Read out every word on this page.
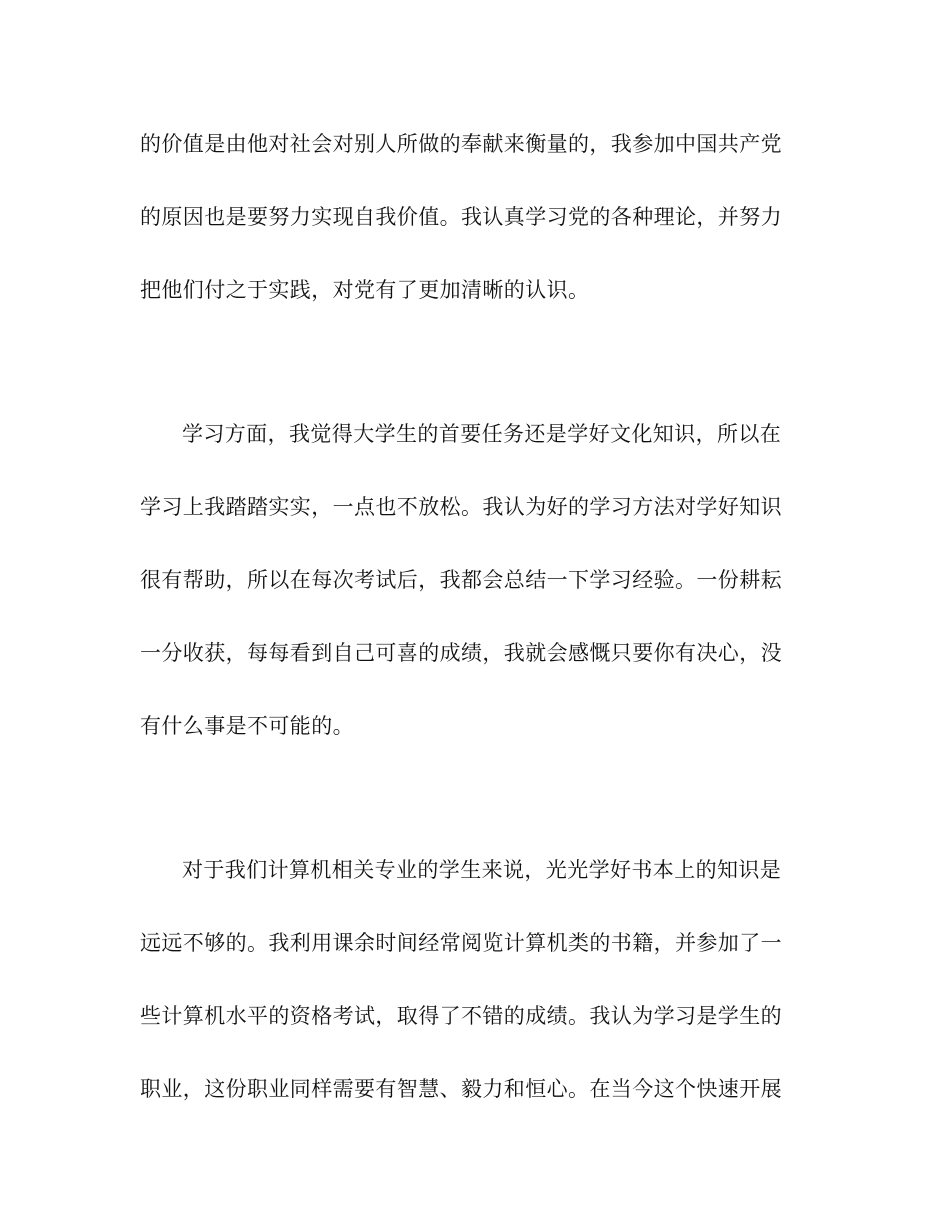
的价值是由他对社会对别人所做的奉献来衡量的，我参加中国共产党
的原因也是要努力实现自我价值。我认真学习党的各种理论，并努力
把他们付之于实践，对党有了更加清晰的认识。
学习方面，我觉得大学生的首要任务还是学好文化知识，所以在
学习上我踏踏实实，一点也不放松。我认为好的学习方法对学好知识
很有帮助，所以在每次考试后，我都会总结一下学习经验。一份耕耘
一分收获，每每看到自己可喜的成绩，我就会感慨只要你有决心，没
有什么事是不可能的。
对于我们计算机相关专业的学生来说，光光学好书本上的知识是
远远不够的。我利用课余时间经常阅览计算机类的书籍，并参加了一
些计算机水平的资格考试，取得了不错的成绩。我认为学习是学生的
职业，这份职业同样需要有智慧、毅力和恒心。在当今这个快速开展
